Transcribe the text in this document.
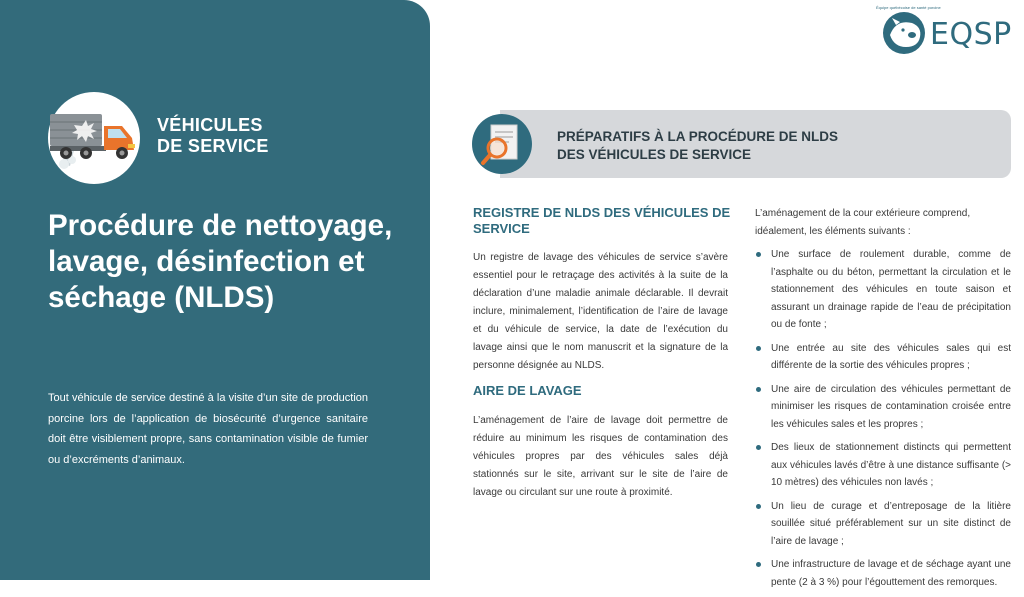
VÉHICULES
DE SERVICE
Procédure de nettoyage, lavage, désinfection et séchage (NLDS)

Tout véhicule de service destiné à la visite d’un site de production porcine lors de l’application de biosécurité d’urgence sanitaire doit être visiblement propre, sans contamination visible de fumier ou d’excréments d’animaux.

EQSP
Équipe québécoise de santé porcine
PRÉPARATIFS À LA PROCÉDURE DE NLDS
DES VÉHICULES DE SERVICE
REGISTRE DE NLDS DES VÉHICULES DE SERVICE

Un registre de lavage des véhicules de service s’avère essentiel pour le retraçage des activités à la suite de la déclaration d’une maladie animale déclarable. Il devrait inclure, minimalement, l’identification de l’aire de lavage et du véhicule de service, la date de l’exécution du lavage ainsi que le nom manuscrit et la signature de la personne désignée au NLDS.

AIRE DE LAVAGE

L’aménagement de l’aire de lavage doit permettre de réduire au minimum les risques de contamination des véhicules propres par des véhicules sales déjà stationnés sur le site, arrivant sur le site de l’aire de lavage ou circulant sur une route à proximité.

L’aménagement de la cour extérieure comprend, idéalement, les éléments suivants :

Une surface de roulement durable, comme de l’asphalte ou du béton, permettant la circulation et le stationnement des véhicules en toute saison et assurant un drainage rapide de l’eau de précipitation ou de fonte ;
Une entrée au site des véhicules sales qui est différente de la sortie des véhicules propres ;
Une aire de circulation des véhicules permettant de minimiser les risques de contamination croisée entre les véhicules sales et les propres ;
Des lieux de stationnement distincts qui permettent aux véhicules lavés d’être à une distance suffisante (> 10 mètres) des véhicules non lavés ;
Un lieu de curage et d’entreposage de la litière souillée situé préférablement sur un site distinct de l’aire de lavage ;
Une infrastructure de lavage et de séchage ayant une pente (2 à 3 %) pour l’égouttement des remorques.
